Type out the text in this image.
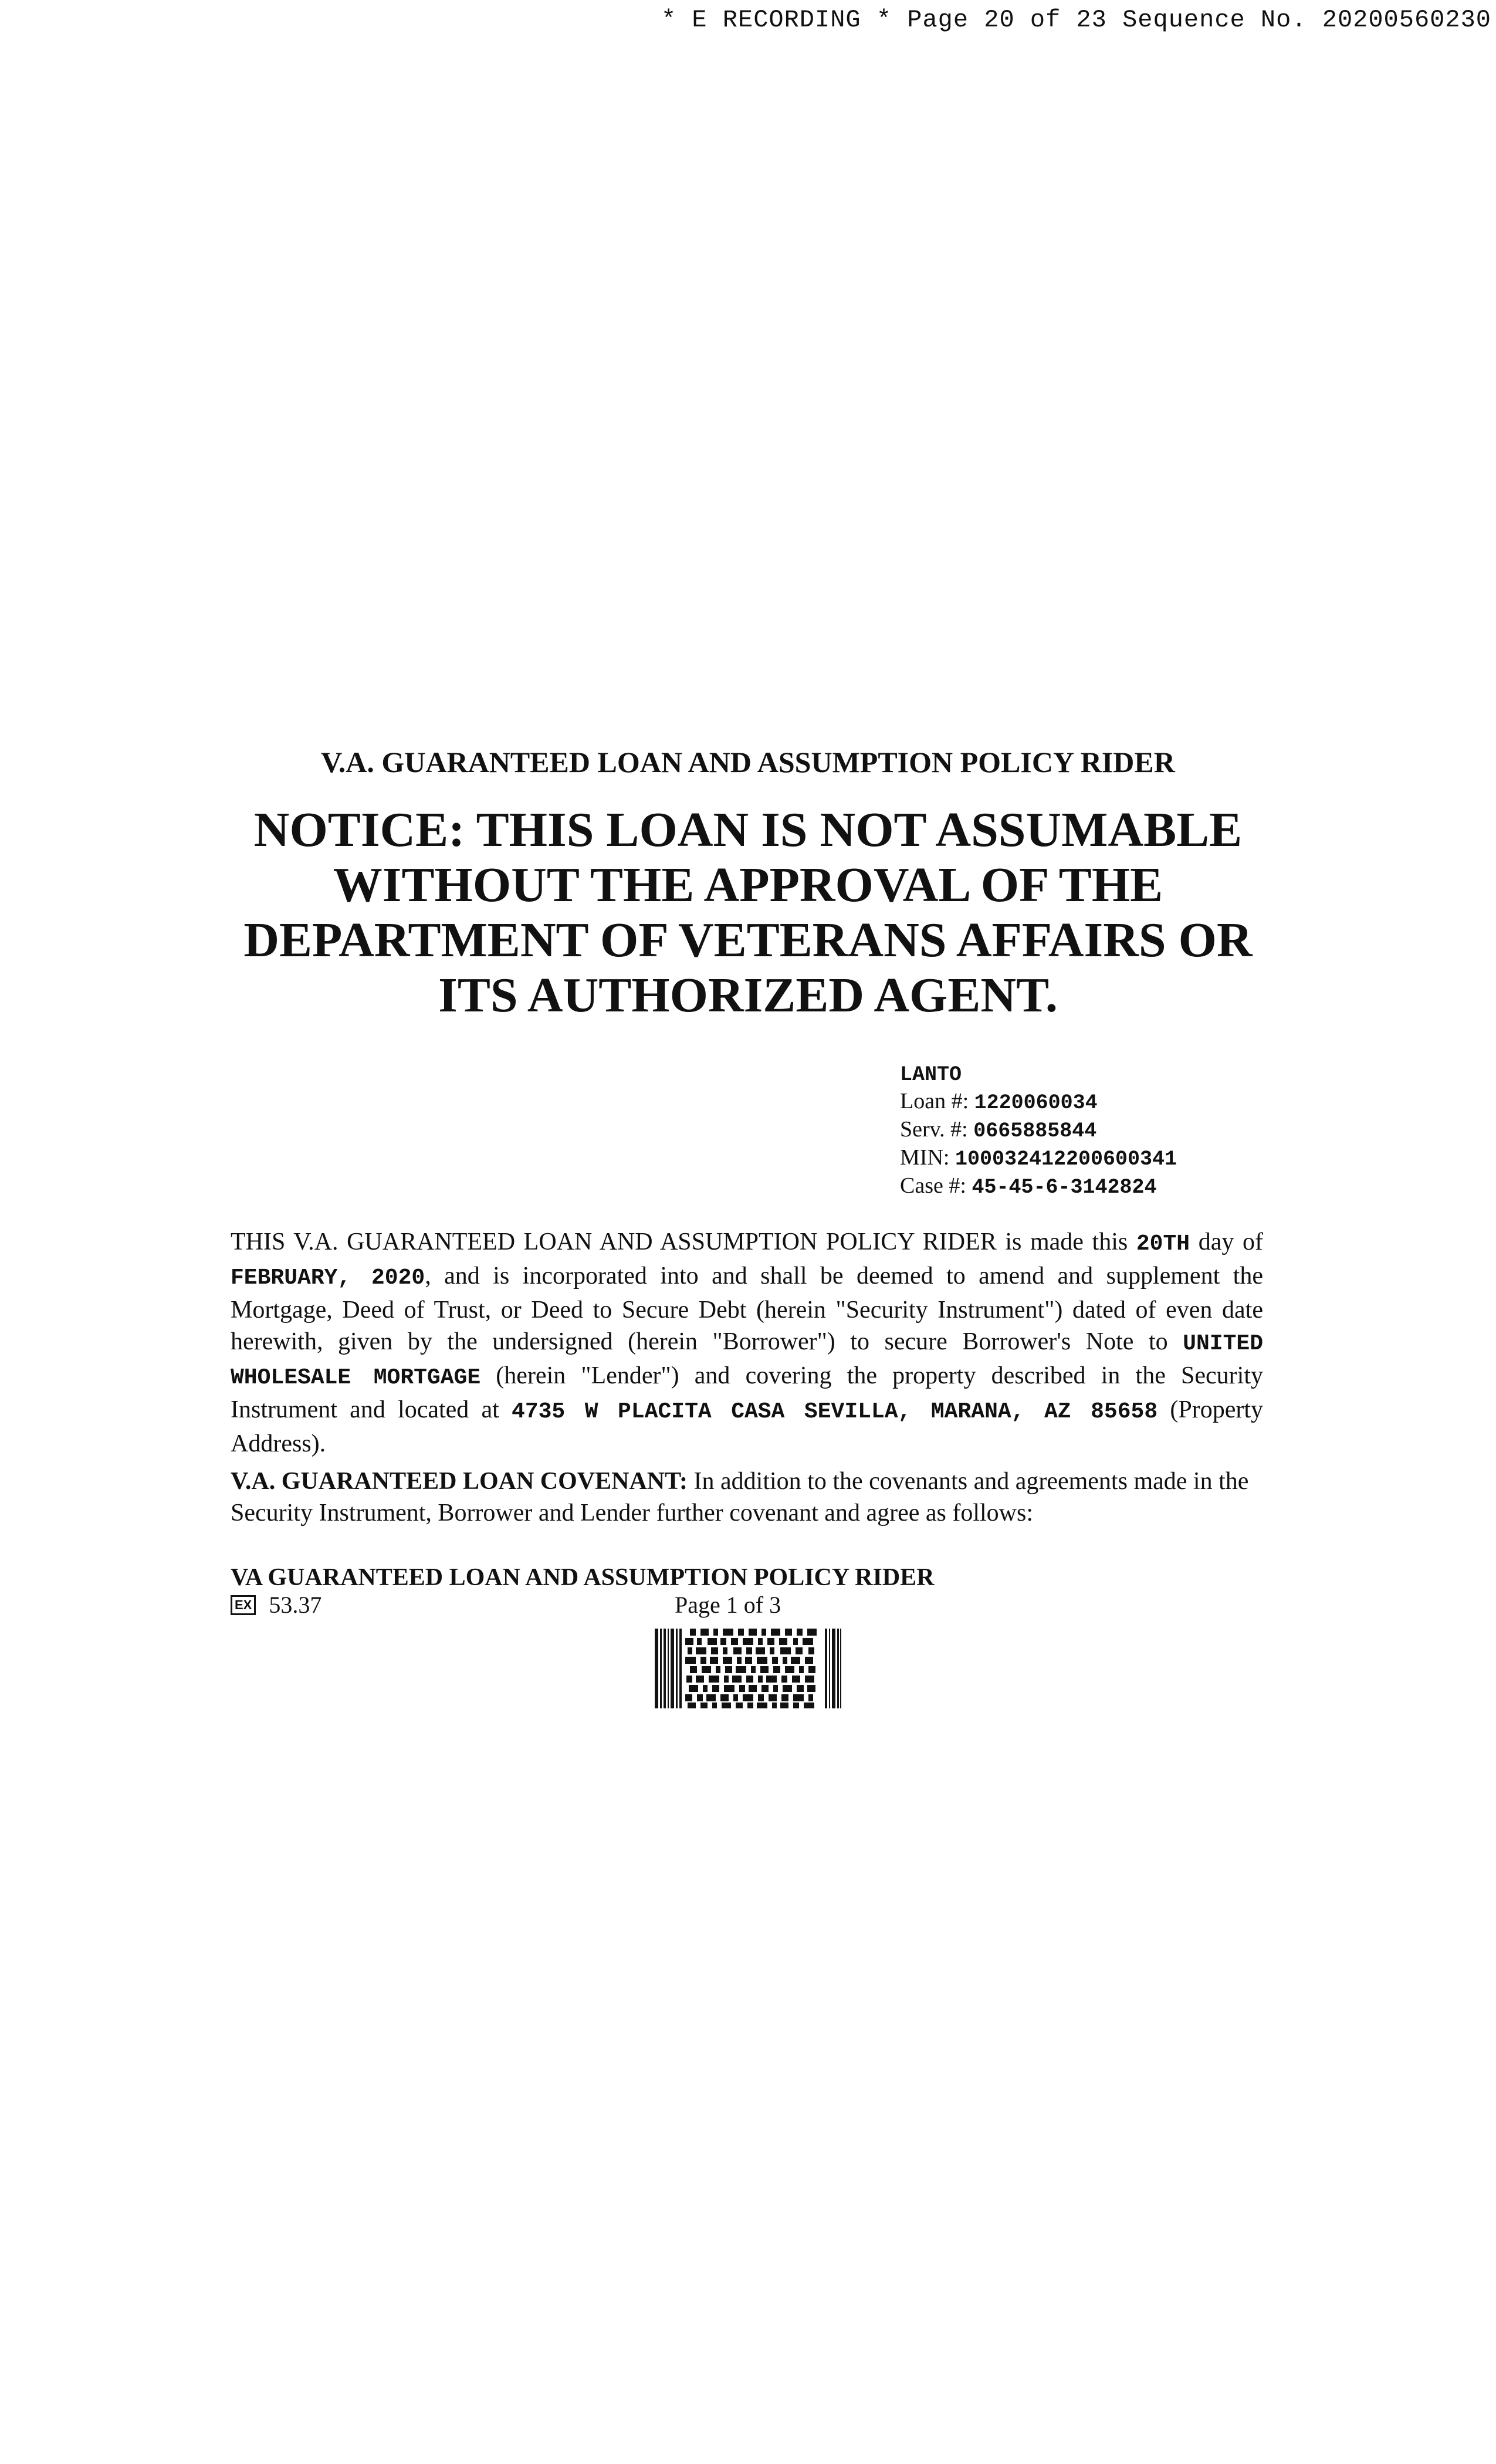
* E RECORDING * Page 20 of 23 Sequence No. 20200560230
V.A. GUARANTEED LOAN AND ASSUMPTION POLICY RIDER
NOTICE: THIS LOAN IS NOT ASSUMABLE
WITHOUT THE APPROVAL OF THE
DEPARTMENT OF VETERANS AFFAIRS OR
ITS AUTHORIZED AGENT.
LANTO
Loan #: 1220060034
Serv. #: 0665885844
MIN: 100032412200600341
Case #: 45-45-6-3142824
THIS V.A. GUARANTEED LOAN AND ASSUMPTION POLICY RIDER is made this 20TH day of FEBRUARY, 2020, and is incorporated into and shall be deemed to amend and supplement the Mortgage, Deed of Trust, or Deed to Secure Debt (herein "Security Instrument") dated of even date herewith, given by the undersigned (herein "Borrower") to secure Borrower's Note to UNITED WHOLESALE MORTGAGE (herein "Lender") and covering the property described in the Security Instrument and located at 4735 W PLACITA CASA SEVILLA, MARANA, AZ 85658 (Property Address).
V.A. GUARANTEED LOAN COVENANT: In addition to the covenants and agreements made in the Security Instrument, Borrower and Lender further covenant and agree as follows:
VA GUARANTEED LOAN AND ASSUMPTION POLICY RIDER
EX 53.37	Page 1 of 3
